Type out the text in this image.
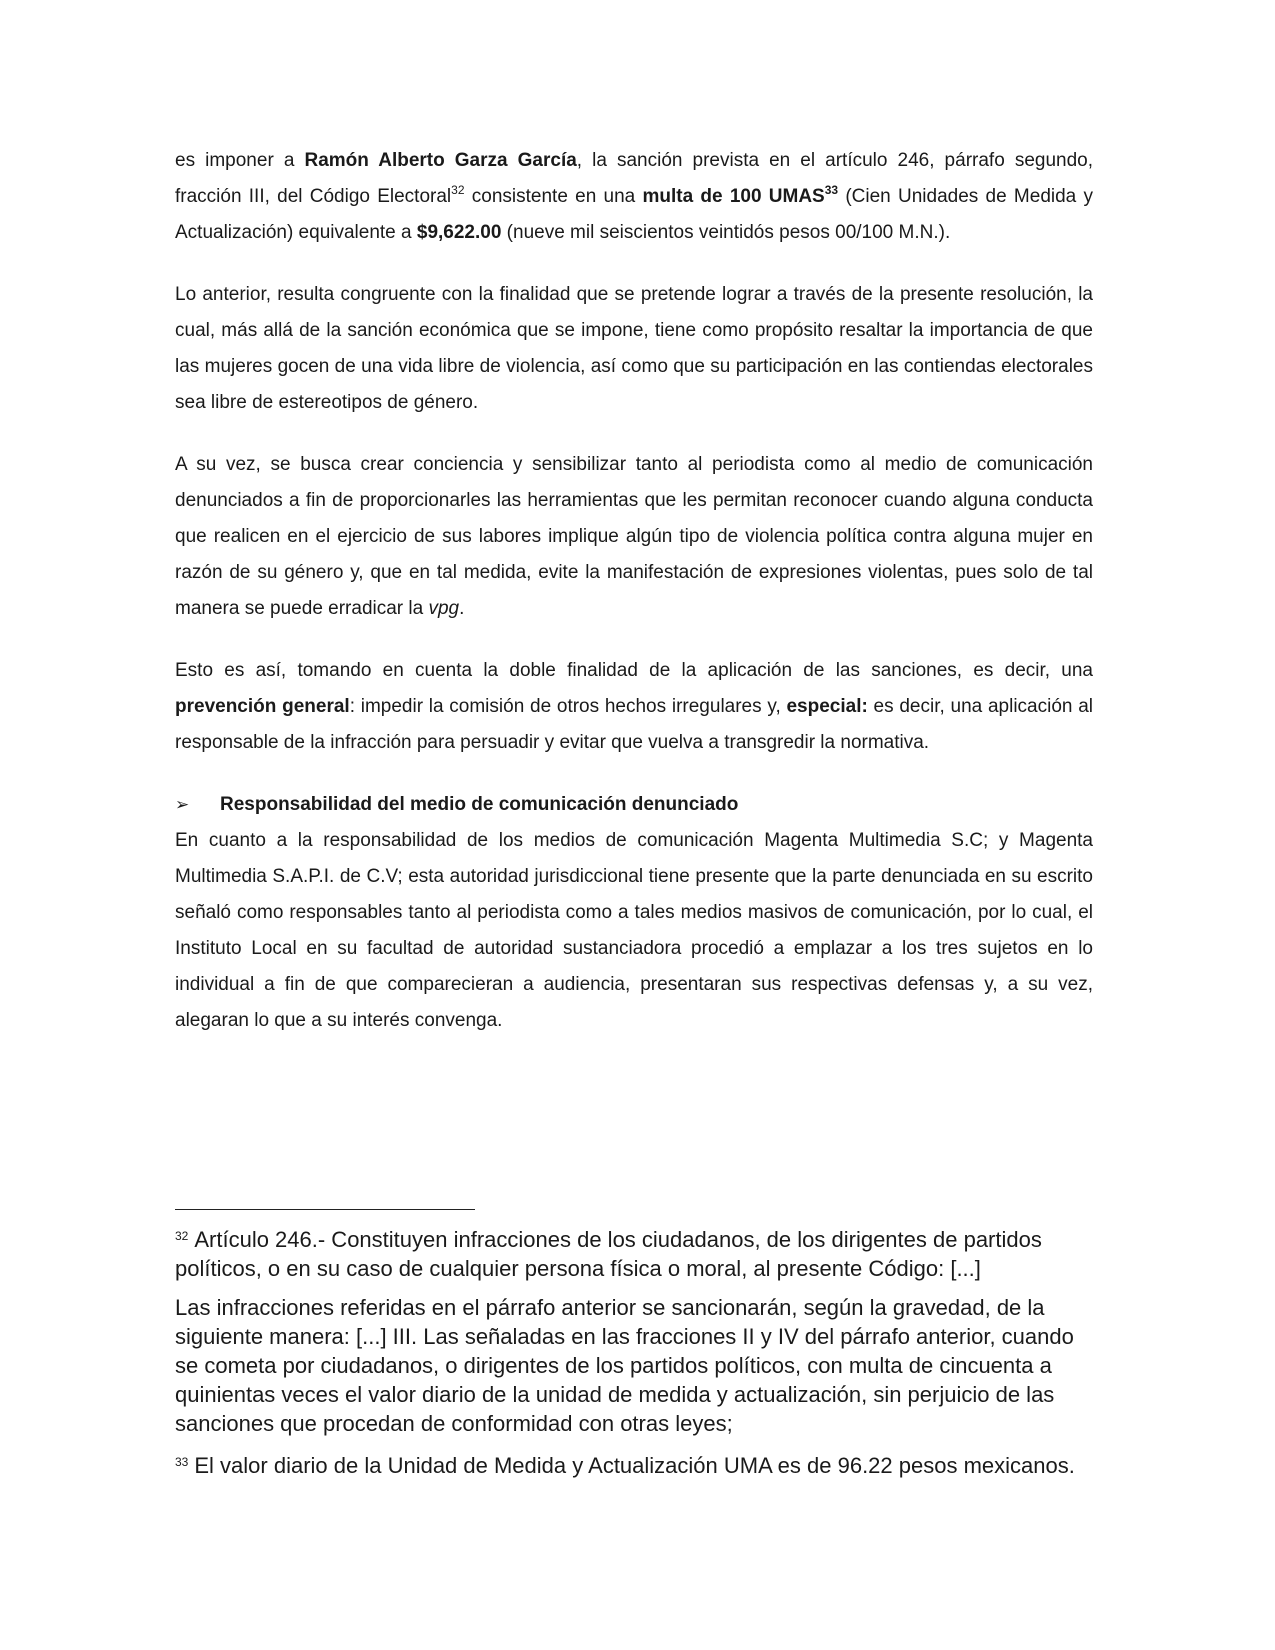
es imponer a Ramón Alberto Garza García, la sanción prevista en el artículo 246, párrafo segundo, fracción III, del Código Electoral$^{32}$ consistente en una multa de 100 UMAS$^{33}$ (Cien Unidades de Medida y Actualización) equivalente a $9,622.00 (nueve mil seiscientos veintidós pesos 00/100 M.N.).

Lo anterior, resulta congruente con la finalidad que se pretende lograr a través de la presente resolución, la cual, más allá de la sanción económica que se impone, tiene como propósito resaltar la importancia de que las mujeres gocen de una vida libre de violencia, así como que su participación en las contiendas electorales sea libre de estereotipos de género.

A su vez, se busca crear conciencia y sensibilizar tanto al periodista como al medio de comunicación denunciados a fin de proporcionarles las herramientas que les permitan reconocer cuando alguna conducta que realicen en el ejercicio de sus labores implique algún tipo de violencia política contra alguna mujer en razón de su género y, que en tal medida, evite la manifestación de expresiones violentas, pues solo de tal manera se puede erradicar la vpg.

Esto es así, tomando en cuenta la doble finalidad de la aplicación de las sanciones, es decir, una prevención general: impedir la comisión de otros hechos irregulares y, especial: es decir, una aplicación al responsable de la infracción para persuadir y evitar que vuelva a transgredir la normativa.

➢	Responsabilidad del medio de comunicación denunciado

En cuanto a la responsabilidad de los medios de comunicación Magenta Multimedia S.C; y Magenta Multimedia S.A.P.I. de C.V; esta autoridad jurisdiccional tiene presente que la parte denunciada en su escrito señaló como responsables tanto al periodista como a tales medios masivos de comunicación, por lo cual, el Instituto Local en su facultad de autoridad sustanciadora procedió a emplazar a los tres sujetos en lo individual a fin de que comparecieran a audiencia, presentaran sus respectivas defensas y, a su vez, alegaran lo que a su interés convenga.

$^{32}$ Artículo 246.- Constituyen infracciones de los ciudadanos, de los dirigentes de partidos políticos, o en su caso de cualquier persona física o moral, al presente Código: [...]

Las infracciones referidas en el párrafo anterior se sancionarán, según la gravedad, de la siguiente manera: [...] III. Las señaladas en las fracciones II y IV del párrafo anterior, cuando se cometa por ciudadanos, o dirigentes de los partidos políticos, con multa de cincuenta a quinientas veces el valor diario de la unidad de medida y actualización, sin perjuicio de las sanciones que procedan de conformidad con otras leyes;

$^{33}$ El valor diario de la Unidad de Medida y Actualización UMA es de 96.22 pesos mexicanos.
